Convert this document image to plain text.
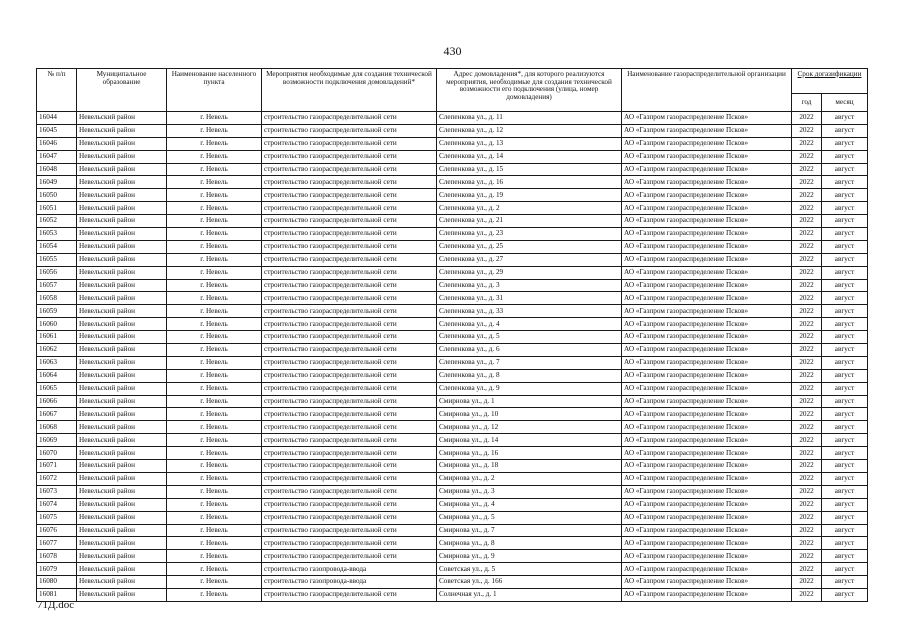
430
№ п/п	Муниципальное образование	Наименование населенного пункта	Мероприятия необходимые для создания технической возможности подключения домовладений*	Адрес домовладения*, для которого реализуются мероприятия, необходимые для создания технической возможности его подключения (улица, номер домовладения)	Наименование газораспределительной организации	Срок догазификации	
						год	месяц
16044	Невельский район	г. Невель	строительство газораспределительной сети	Слепенкова ул., д. 11	АО «Газпром газораспределение Псков»	2022	август
16045	Невельский район	г. Невель	строительство газораспределительной сети	Слепенкова ул., д. 12	АО «Газпром газораспределение Псков»	2022	август
16046	Невельский район	г. Невель	строительство газораспределительной сети	Слепенкова ул., д. 13	АО «Газпром газораспределение Псков»	2022	август
16047	Невельский район	г. Невель	строительство газораспределительной сети	Слепенкова ул., д. 14	АО «Газпром газораспределение Псков»	2022	август
16048	Невельский район	г. Невель	строительство газораспределительной сети	Слепенкова ул., д. 15	АО «Газпром газораспределение Псков»	2022	август
16049	Невельский район	г. Невель	строительство газораспределительной сети	Слепенкова ул., д. 16	АО «Газпром газораспределение Псков»	2022	август
16050	Невельский район	г. Невель	строительство газораспределительной сети	Слепенкова ул., д. 19	АО «Газпром газораспределение Псков»	2022	август
16051	Невельский район	г. Невель	строительство газораспределительной сети	Слепенкова ул., д. 2	АО «Газпром газораспределение Псков»	2022	август
16052	Невельский район	г. Невель	строительство газораспределительной сети	Слепенкова ул., д. 21	АО «Газпром газораспределение Псков»	2022	август
16053	Невельский район	г. Невель	строительство газораспределительной сети	Слепенкова ул., д. 23	АО «Газпром газораспределение Псков»	2022	август
16054	Невельский район	г. Невель	строительство газораспределительной сети	Слепенкова ул., д. 25	АО «Газпром газораспределение Псков»	2022	август
16055	Невельский район	г. Невель	строительство газораспределительной сети	Слепенкова ул., д. 27	АО «Газпром газораспределение Псков»	2022	август
16056	Невельский район	г. Невель	строительство газораспределительной сети	Слепенкова ул., д. 29	АО «Газпром газораспределение Псков»	2022	август
16057	Невельский район	г. Невель	строительство газораспределительной сети	Слепенкова ул., д. 3	АО «Газпром газораспределение Псков»	2022	август
16058	Невельский район	г. Невель	строительство газораспределительной сети	Слепенкова ул., д. 31	АО «Газпром газораспределение Псков»	2022	август
16059	Невельский район	г. Невель	строительство газораспределительной сети	Слепенкова ул., д. 33	АО «Газпром газораспределение Псков»	2022	август
16060	Невельский район	г. Невель	строительство газораспределительной сети	Слепенкова ул., д. 4	АО «Газпром газораспределение Псков»	2022	август
16061	Невельский район	г. Невель	строительство газораспределительной сети	Слепенкова ул., д. 5	АО «Газпром газораспределение Псков»	2022	август
16062	Невельский район	г. Невель	строительство газораспределительной сети	Слепенкова ул., д. 6	АО «Газпром газораспределение Псков»	2022	август
16063	Невельский район	г. Невель	строительство газораспределительной сети	Слепенкова ул., д. 7	АО «Газпром газораспределение Псков»	2022	август
16064	Невельский район	г. Невель	строительство газораспределительной сети	Слепенкова ул., д. 8	АО «Газпром газораспределение Псков»	2022	август
16065	Невельский район	г. Невель	строительство газораспределительной сети	Слепенкова ул., д. 9	АО «Газпром газораспределение Псков»	2022	август
16066	Невельский район	г. Невель	строительство газораспределительной сети	Смирнова ул., д. 1	АО «Газпром газораспределение Псков»	2022	август
16067	Невельский район	г. Невель	строительство газораспределительной сети	Смирнова ул., д. 10	АО «Газпром газораспределение Псков»	2022	август
16068	Невельский район	г. Невель	строительство газораспределительной сети	Смирнова ул., д. 12	АО «Газпром газораспределение Псков»	2022	август
16069	Невельский район	г. Невель	строительство газораспределительной сети	Смирнова ул., д. 14	АО «Газпром газораспределение Псков»	2022	август
16070	Невельский район	г. Невель	строительство газораспределительной сети	Смирнова ул., д. 16	АО «Газпром газораспределение Псков»	2022	август
16071	Невельский район	г. Невель	строительство газораспределительной сети	Смирнова ул., д. 18	АО «Газпром газораспределение Псков»	2022	август
16072	Невельский район	г. Невель	строительство газораспределительной сети	Смирнова ул., д. 2	АО «Газпром газораспределение Псков»	2022	август
16073	Невельский район	г. Невель	строительство газораспределительной сети	Смирнова ул., д. 3	АО «Газпром газораспределение Псков»	2022	август
16074	Невельский район	г. Невель	строительство газораспределительной сети	Смирнова ул., д. 4	АО «Газпром газораспределение Псков»	2022	август
16075	Невельский район	г. Невель	строительство газораспределительной сети	Смирнова ул., д. 5	АО «Газпром газораспределение Псков»	2022	август
16076	Невельский район	г. Невель	строительство газораспределительной сети	Смирнова ул., д. 7	АО «Газпром газораспределение Псков»	2022	август
16077	Невельский район	г. Невель	строительство газораспределительной сети	Смирнова ул., д. 8	АО «Газпром газораспределение Псков»	2022	август
16078	Невельский район	г. Невель	строительство газораспределительной сети	Смирнова ул., д. 9	АО «Газпром газораспределение Псков»	2022	август
16079	Невельский район	г. Невель	строительство газопровода-ввода	Советская ул., д. 5	АО «Газпром газораспределение Псков»	2022	август
16080	Невельский район	г. Невель	строительство газопровода-ввода	Советская ул., д. 166	АО «Газпром газораспределение Псков»	2022	август
16081	Невельский район	г. Невель	строительство газораспределительной сети	Солнечная ул., д. 1	АО «Газпром газораспределение Псков»	2022	август
71Д.doc
